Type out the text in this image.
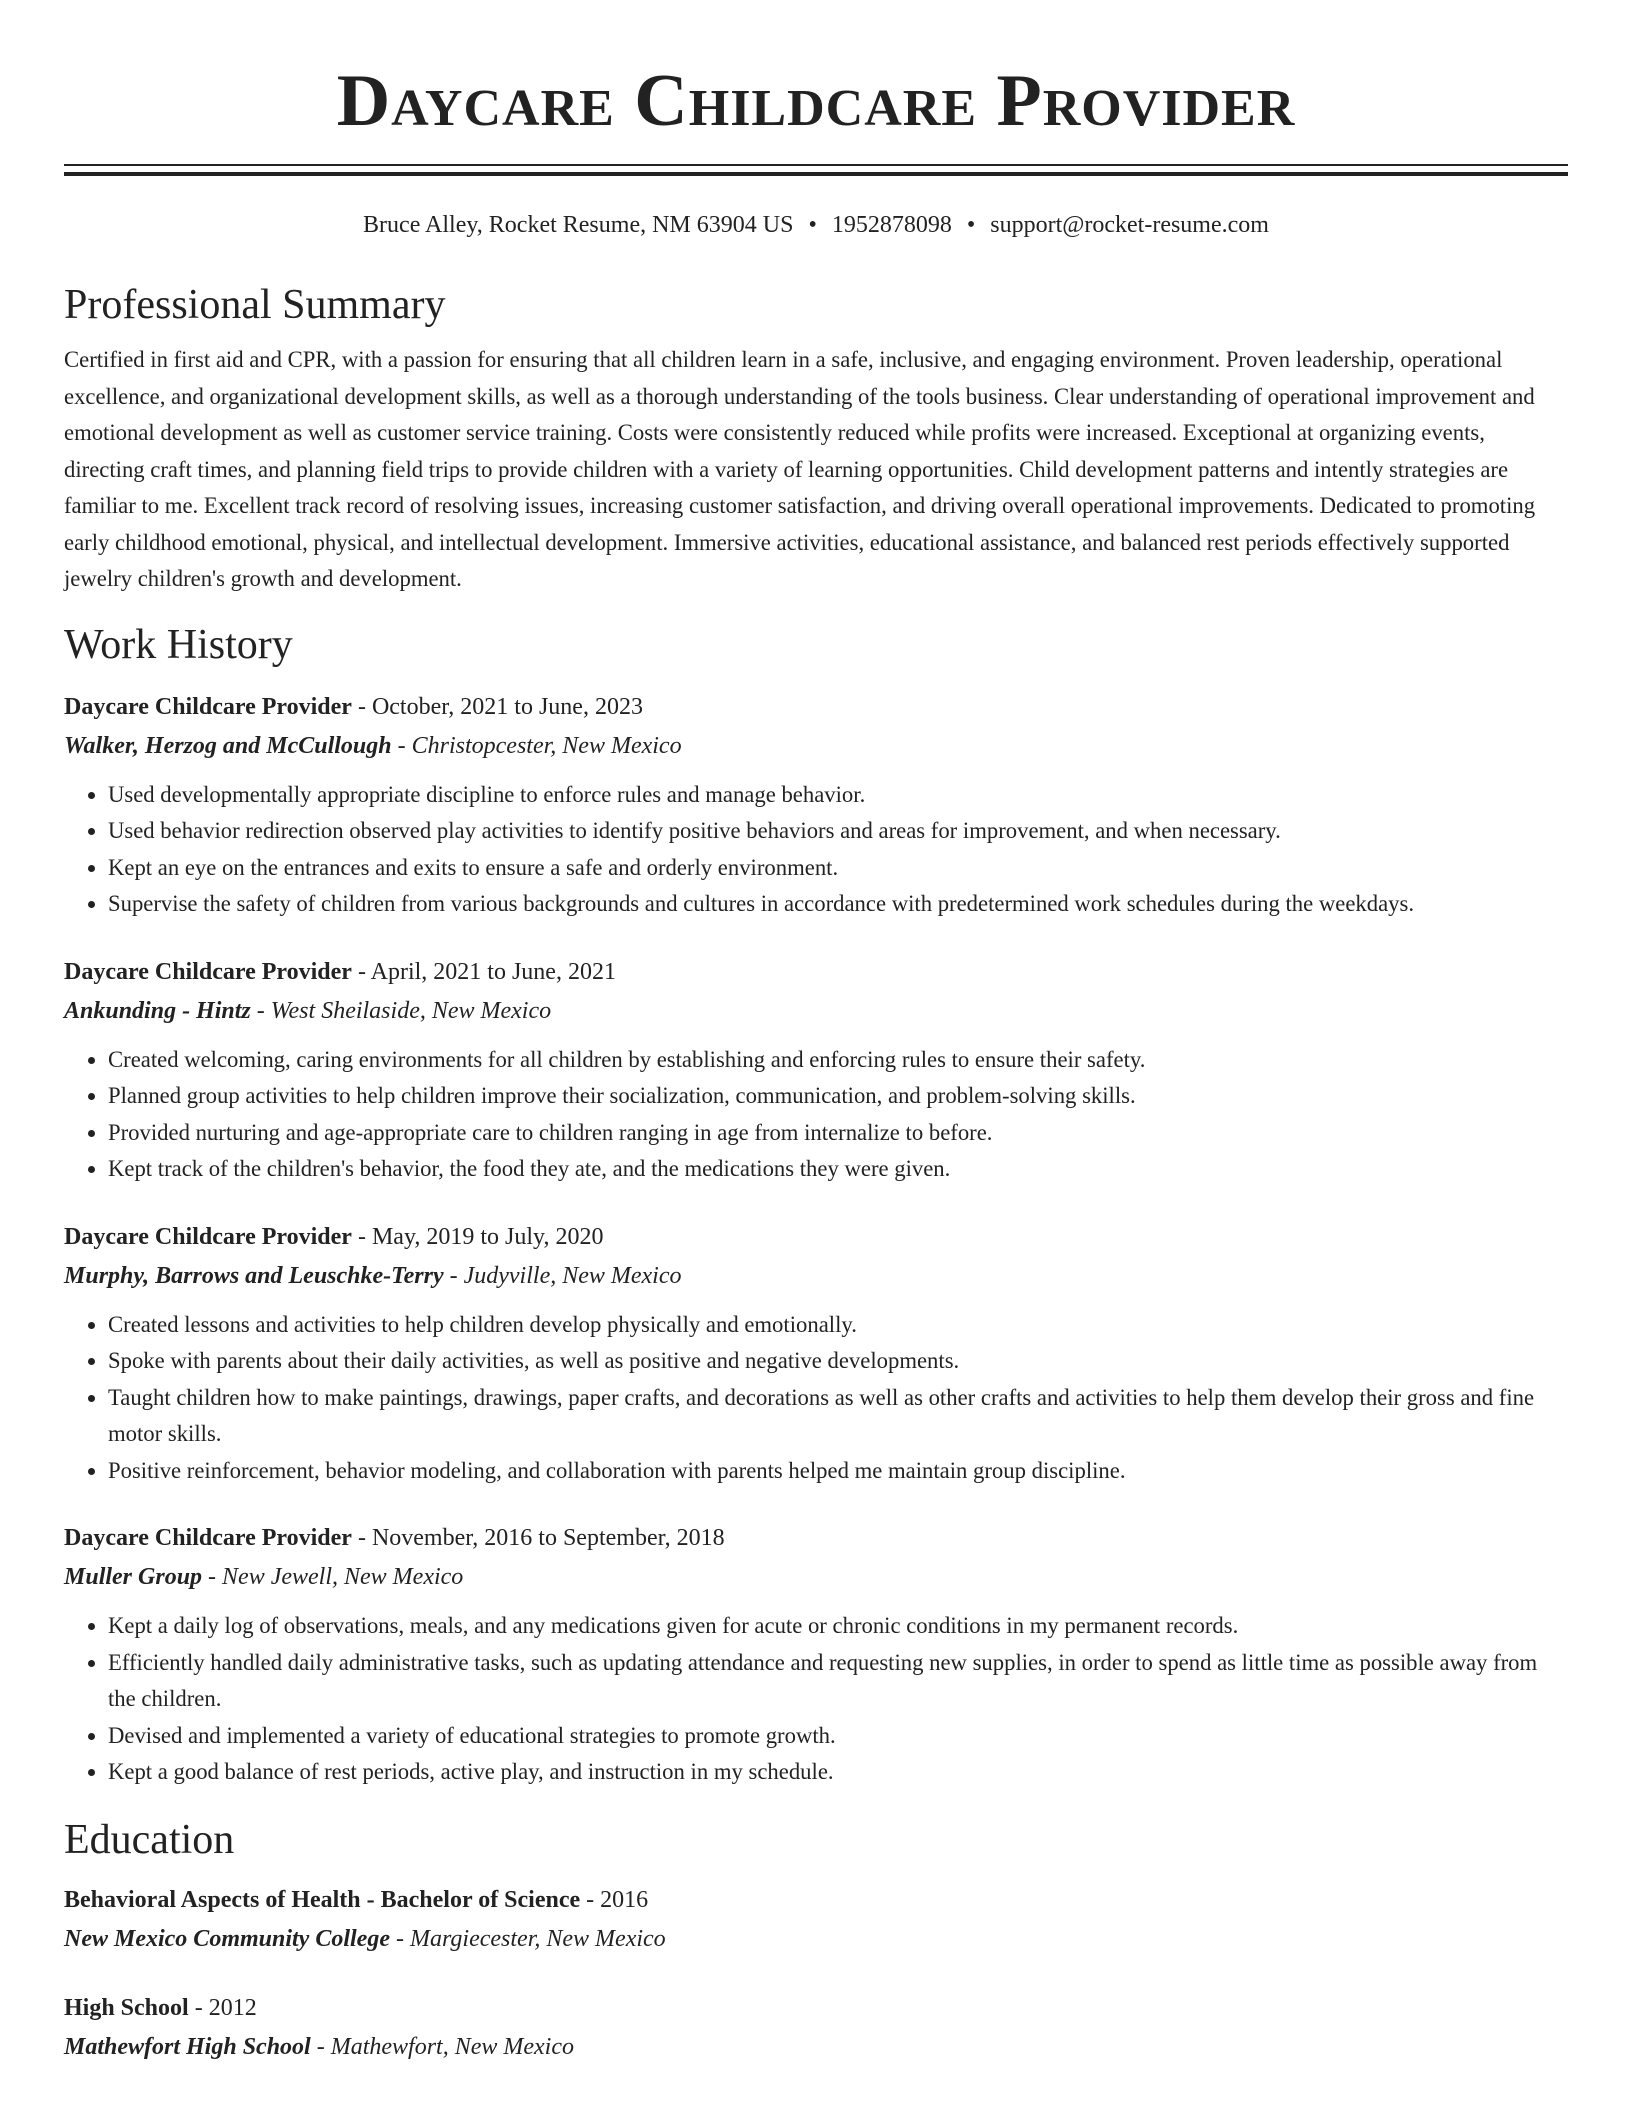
Daycare Childcare Provider
Bruce Alley, Rocket Resume, NM 63904 US • 1952878098 • support@rocket-resume.com
Professional Summary

Certified in first aid and CPR, with a passion for ensuring that all children learn in a safe, inclusive, and engaging environment. Proven leadership, operational excellence, and organizational development skills, as well as a thorough understanding of the tools business. Clear understanding of operational improvement and emotional development as well as customer service training. Costs were consistently reduced while profits were increased. Exceptional at organizing events, directing craft times, and planning field trips to provide children with a variety of learning opportunities. Child development patterns and intently strategies are familiar to me. Excellent track record of resolving issues, increasing customer satisfaction, and driving overall operational improvements. Dedicated to promoting early childhood emotional, physical, and intellectual development. Immersive activities, educational assistance, and balanced rest periods effectively supported jewelry children's growth and development.

Work History
Daycare Childcare Provider - October, 2021 to June, 2023
Walker, Herzog and McCullough - Christopcester, New Mexico
• Used developmentally appropriate discipline to enforce rules and manage behavior.
• Used behavior redirection observed play activities to identify positive behaviors and areas for improvement, and when necessary.
• Kept an eye on the entrances and exits to ensure a safe and orderly environment.
• Supervise the safety of children from various backgrounds and cultures in accordance with predetermined work schedules during the weekdays.
Daycare Childcare Provider - April, 2021 to June, 2021
Ankunding - Hintz - West Sheilaside, New Mexico
• Created welcoming, caring environments for all children by establishing and enforcing rules to ensure their safety.
• Planned group activities to help children improve their socialization, communication, and problem-solving skills.
• Provided nurturing and age-appropriate care to children ranging in age from internalize to before.
• Kept track of the children's behavior, the food they ate, and the medications they were given.
Daycare Childcare Provider - May, 2019 to July, 2020
Murphy, Barrows and Leuschke-Terry - Judyville, New Mexico
• Created lessons and activities to help children develop physically and emotionally.
• Spoke with parents about their daily activities, as well as positive and negative developments.
• Taught children how to make paintings, drawings, paper crafts, and decorations as well as other crafts and activities to help them develop their gross and fine motor skills.
• Positive reinforcement, behavior modeling, and collaboration with parents helped me maintain group discipline.
Daycare Childcare Provider - November, 2016 to September, 2018
Muller Group - New Jewell, New Mexico
• Kept a daily log of observations, meals, and any medications given for acute or chronic conditions in my permanent records.
• Efficiently handled daily administrative tasks, such as updating attendance and requesting new supplies, in order to spend as little time as possible away from the children.
• Devised and implemented a variety of educational strategies to promote growth.
• Kept a good balance of rest periods, active play, and instruction in my schedule.
Education
Behavioral Aspects of Health - Bachelor of Science - 2016
New Mexico Community College - Margiecester, New Mexico
High School - 2012
Mathewfort High School - Mathewfort, New Mexico
